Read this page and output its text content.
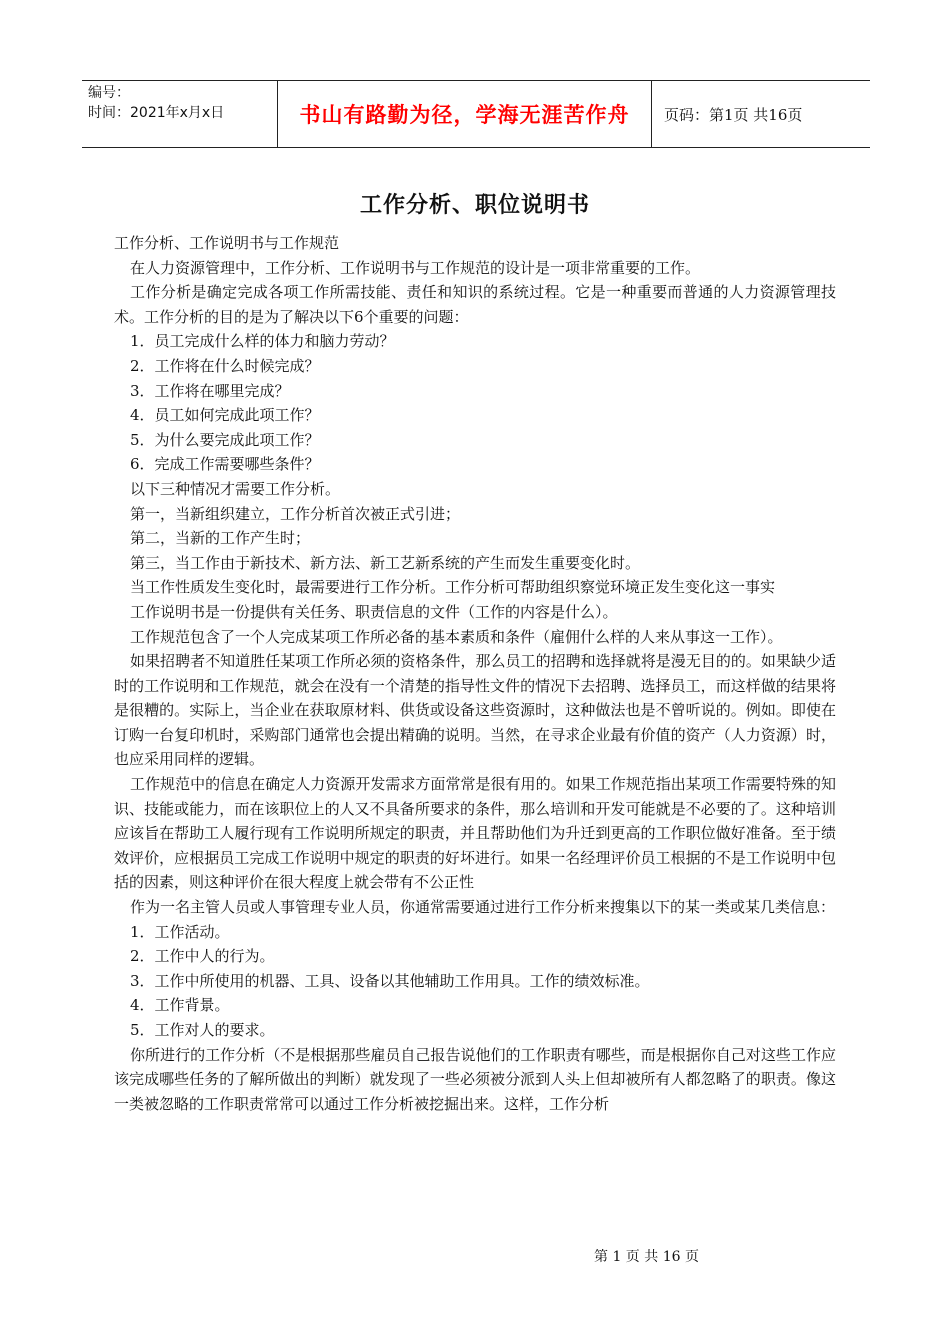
编号：
时间：2021年x月x日	书山有路勤为径，学海无涯苦作舟	页码：第1页 共16页
工作分析、职位说明书

工作分析、工作说明书与工作规范

在人力资源管理中，工作分析、工作说明书与工作规范的设计是一项非常重要的工作。

工作分析是确定完成各项工作所需技能、责任和知识的系统过程。它是一种重要而普通的人力资源管理技术。工作分析的目的是为了解决以下6个重要的问题：

1．员工完成什么样的体力和脑力劳动？

2．工作将在什么时候完成？

3．工作将在哪里完成？

4．员工如何完成此项工作？

5．为什么要完成此项工作？

6．完成工作需要哪些条件？

以下三种情况才需要工作分析。

第一，当新组织建立，工作分析首次被正式引进；

第二，当新的工作产生时；

第三，当工作由于新技术、新方法、新工艺新系统的产生而发生重要变化时。

当工作性质发生变化时，最需要进行工作分析。工作分析可帮助组织察觉环境正发生变化这一事实

工作说明书是一份提供有关任务、职责信息的文件（工作的内容是什么）。

工作规范包含了一个人完成某项工作所必备的基本素质和条件（雇佣什么样的人来从事这一工作）。

如果招聘者不知道胜任某项工作所必须的资格条件，那么员工的招聘和选择就将是漫无目的的。如果缺少适时的工作说明和工作规范，就会在没有一个清楚的指导性文件的情况下去招聘、选择员工，而这样做的结果将是很糟的。实际上，当企业在获取原材料、供货或设备这些资源时，这种做法也是不曾听说的。例如。即使在订购一台复印机时，采购部门通常也会提出精确的说明。当然，在寻求企业最有价值的资产（人力资源）时，也应采用同样的逻辑。

工作规范中的信息在确定人力资源开发需求方面常常是很有用的。如果工作规范指出某项工作需要特殊的知识、技能或能力，而在该职位上的人又不具备所要求的条件，那么培训和开发可能就是不必要的了。这种培训应该旨在帮助工人履行现有工作说明所规定的职责，并且帮助他们为升迁到更高的工作职位做好准备。至于绩效评价，应根据员工完成工作说明中规定的职责的好坏进行。如果一名经理评价员工根据的不是工作说明中包括的因素，则这种评价在很大程度上就会带有不公正性

作为一名主管人员或人事管理专业人员，你通常需要通过进行工作分析来搜集以下的某一类或某几类信息：

1．工作活动。

2．工作中人的行为。

3．工作中所使用的机器、工具、设备以其他辅助工作用具。工作的绩效标准。

4．工作背景。

5．工作对人的要求。

你所进行的工作分析（不是根据那些雇员自己报告说他们的工作职责有哪些，而是根据你自己对这些工作应该完成哪些任务的了解所做出的判断）就发现了一些必须被分派到人头上但却被所有人都忽略了的职责。像这一类被忽略的工作职责常常可以通过工作分析被挖掘出来。这样，工作分析

第 1 页 共 16 页
